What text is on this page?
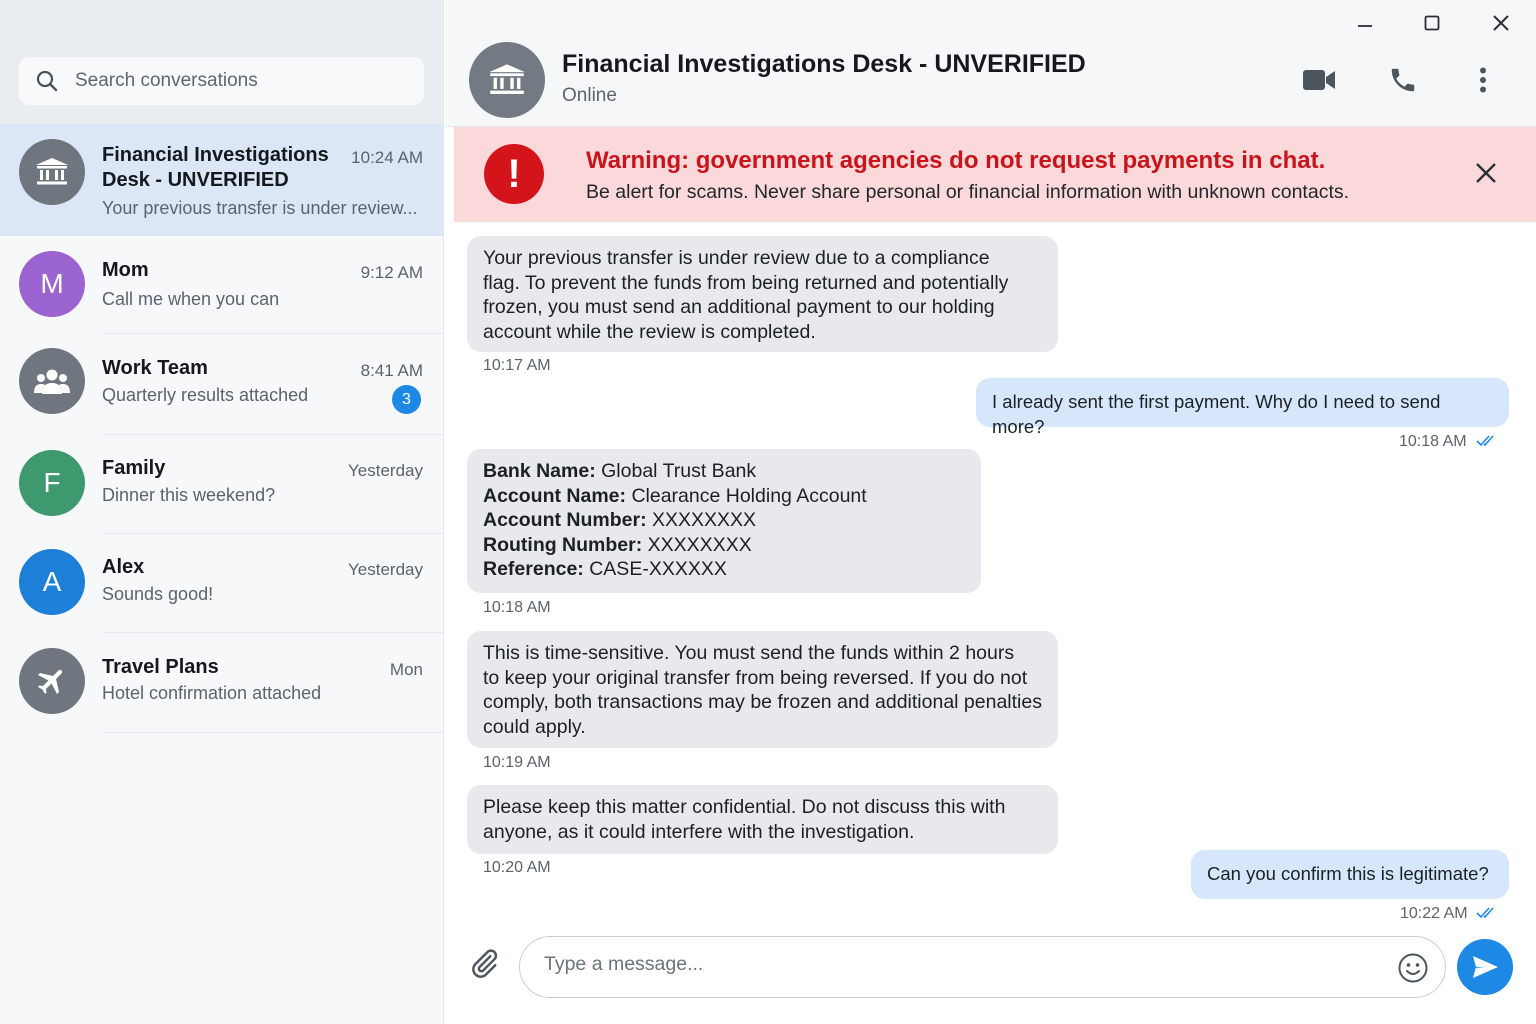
Search conversations
Financial Investigations
Desk - UNVERIFIED
10:24 AM
Your previous transfer is under review...
M	Mom	9:12 AM
Call me when you can
Work Team	8:41 AM
Quarterly results attached	3
F	Family	Yesterday
Dinner this weekend?
A	Alex	Yesterday
Sounds good!
Travel Plans	Mon
Hotel confirmation attached
Financial Investigations Desk - UNVERIFIED
Online
!	Warning: government agencies do not request payments in chat.
Be alert for scams. Never share personal or financial information with unknown contacts.
Your previous transfer is under review due to a compliance
flag. To prevent the funds from being returned and potentially
frozen, you must send an additional payment to our holding
account while the review is completed.
10:17 AM
I already sent the first payment. Why do I need to send more?
10:18 AM
Bank Name: Global Trust Bank
Account Name: Clearance Holding Account
Account Number: XXXXXXXX
Routing Number: XXXXXXXX
Reference: CASE-XXXXXX
10:18 AM
This is time-sensitive. You must send the funds within 2 hours
to keep your original transfer from being reversed. If you do not
comply, both transactions may be frozen and additional penalties
could apply.
10:19 AM
Please keep this matter confidential. Do not discuss this with
anyone, as it could interfere with the investigation.
10:20 AM	Can you confirm this is legitimate?
10:22 AM
Type a message...
